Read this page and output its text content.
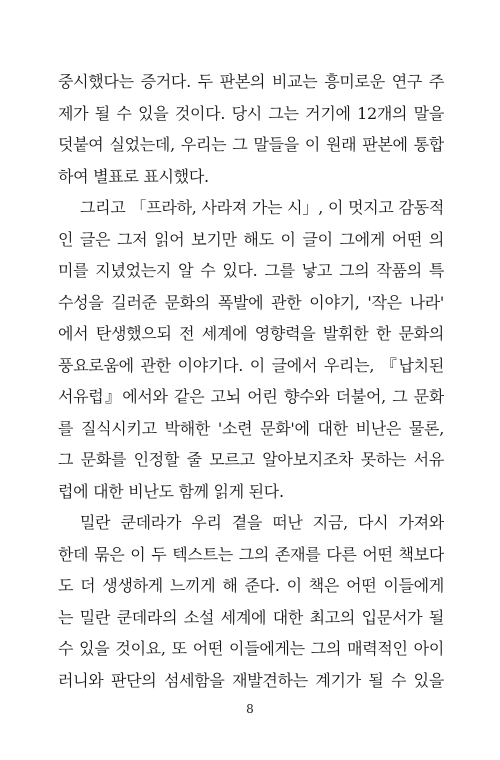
중시했다는 증거다. 두 판본의 비교는 흥미로운 연구 주
제가 될 수 있을 것이다. 당시 그는 거기에 12개의 말을
덧붙여 실었는데, 우리는 그 말들을 이 원래 판본에 통합
하여 별표로 표시했다.
그리고 「프라하, 사라져 가는 시」, 이 멋지고 감동적
인 글은 그저 읽어 보기만 해도 이 글이 그에게 어떤 의
미를 지녔었는지 알 수 있다. 그를 낳고 그의 작품의 특
수성을 길러준 문화의 폭발에 관한 이야기, '작은 나라'
에서 탄생했으되 전 세계에 영향력을 발휘한 한 문화의
풍요로움에 관한 이야기다. 이 글에서 우리는, 『납치된
서유럽』에서와 같은 고뇌 어린 향수와 더불어, 그 문화
를 질식시키고 박해한 '소련 문화'에 대한 비난은 물론,
그 문화를 인정할 줄 모르고 알아보지조차 못하는 서유
럽에 대한 비난도 함께 읽게 된다.
밀란 쿤데라가 우리 곁을 떠난 지금, 다시 가져와
한데 묶은 이 두 텍스트는 그의 존재를 다른 어떤 책보다
도 더 생생하게 느끼게 해 준다. 이 책은 어떤 이들에게
는 밀란 쿤데라의 소설 세계에 대한 최고의 입문서가 될
수 있을 것이요, 또 어떤 이들에게는 그의 매력적인 아이
러니와 판단의 섬세함을 재발견하는 계기가 될 수 있을
8
